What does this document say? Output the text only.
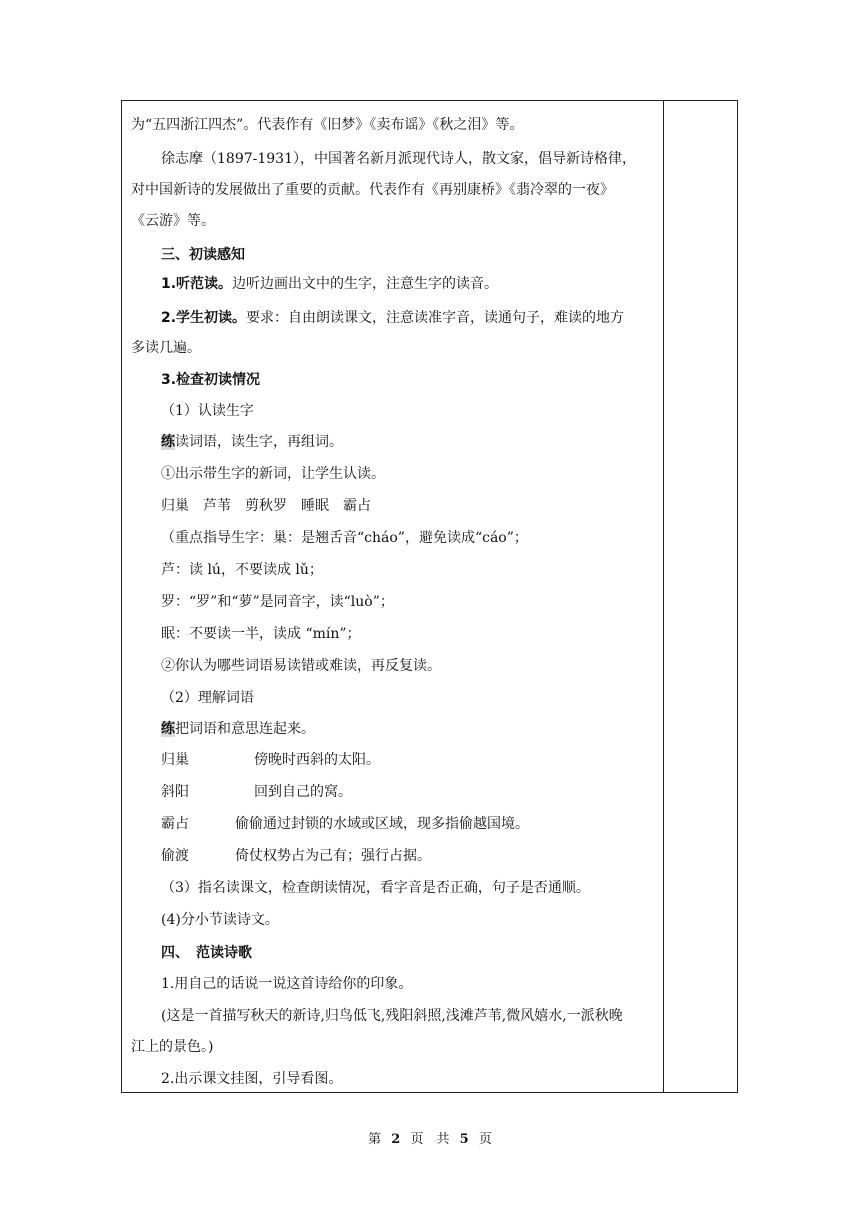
为“五四浙江四杰”。代表作有《旧梦》《卖布谣》《秋之泪》等。
徐志摩（1897-1931），中国著名新月派现代诗人，散文家，倡导新诗格律，
对中国新诗的发展做出了重要的贡献。代表作有《再别康桥》《翡冷翠的一夜》
《云游》等。
三、初读感知
1.听范读。边听边画出文中的生字，注意生字的读音。
2.学生初读。要求：自由朗读课文，注意读准字音，读通句子，难读的地方
多读几遍。
3.检查初读情况
（1）认读生字
练读词语，读生字，再组词。
①出示带生字的新词，让学生认读。
归巢　芦苇　剪秋罗　睡眠　霸占
（重点指导生字：巢：是翘舌音“cháo”，避免读成“cáo”；
芦：读 lú，不要读成 lǔ；
罗：“罗”和“萝”是同音字，读“luò”；
眠：不要读一半，读成 “mín”；
②你认为哪些词语易读错或难读，再反复读。
（2）理解词语
练把词语和意思连起来。
归巢	傍晚时西斜的太阳。
斜阳	回到自己的窝。
霸占	偷偷通过封锁的水域或区域，现多指偷越国境。
偷渡	倚仗权势占为己有；强行占据。
（3）指名读课文，检查朗读情况，看字音是否正确，句子是否通顺。
(4)分小节读诗文。
四、　范读诗歌
1.用自己的话说一说这首诗给你的印象。
(这是一首描写秋天的新诗,归鸟低飞,残阳斜照,浅滩芦苇,微风嬉水,一派秋晚
江上的景色。)
2.出示课文挂图，引导看图。
第 2 页　共 5 页
